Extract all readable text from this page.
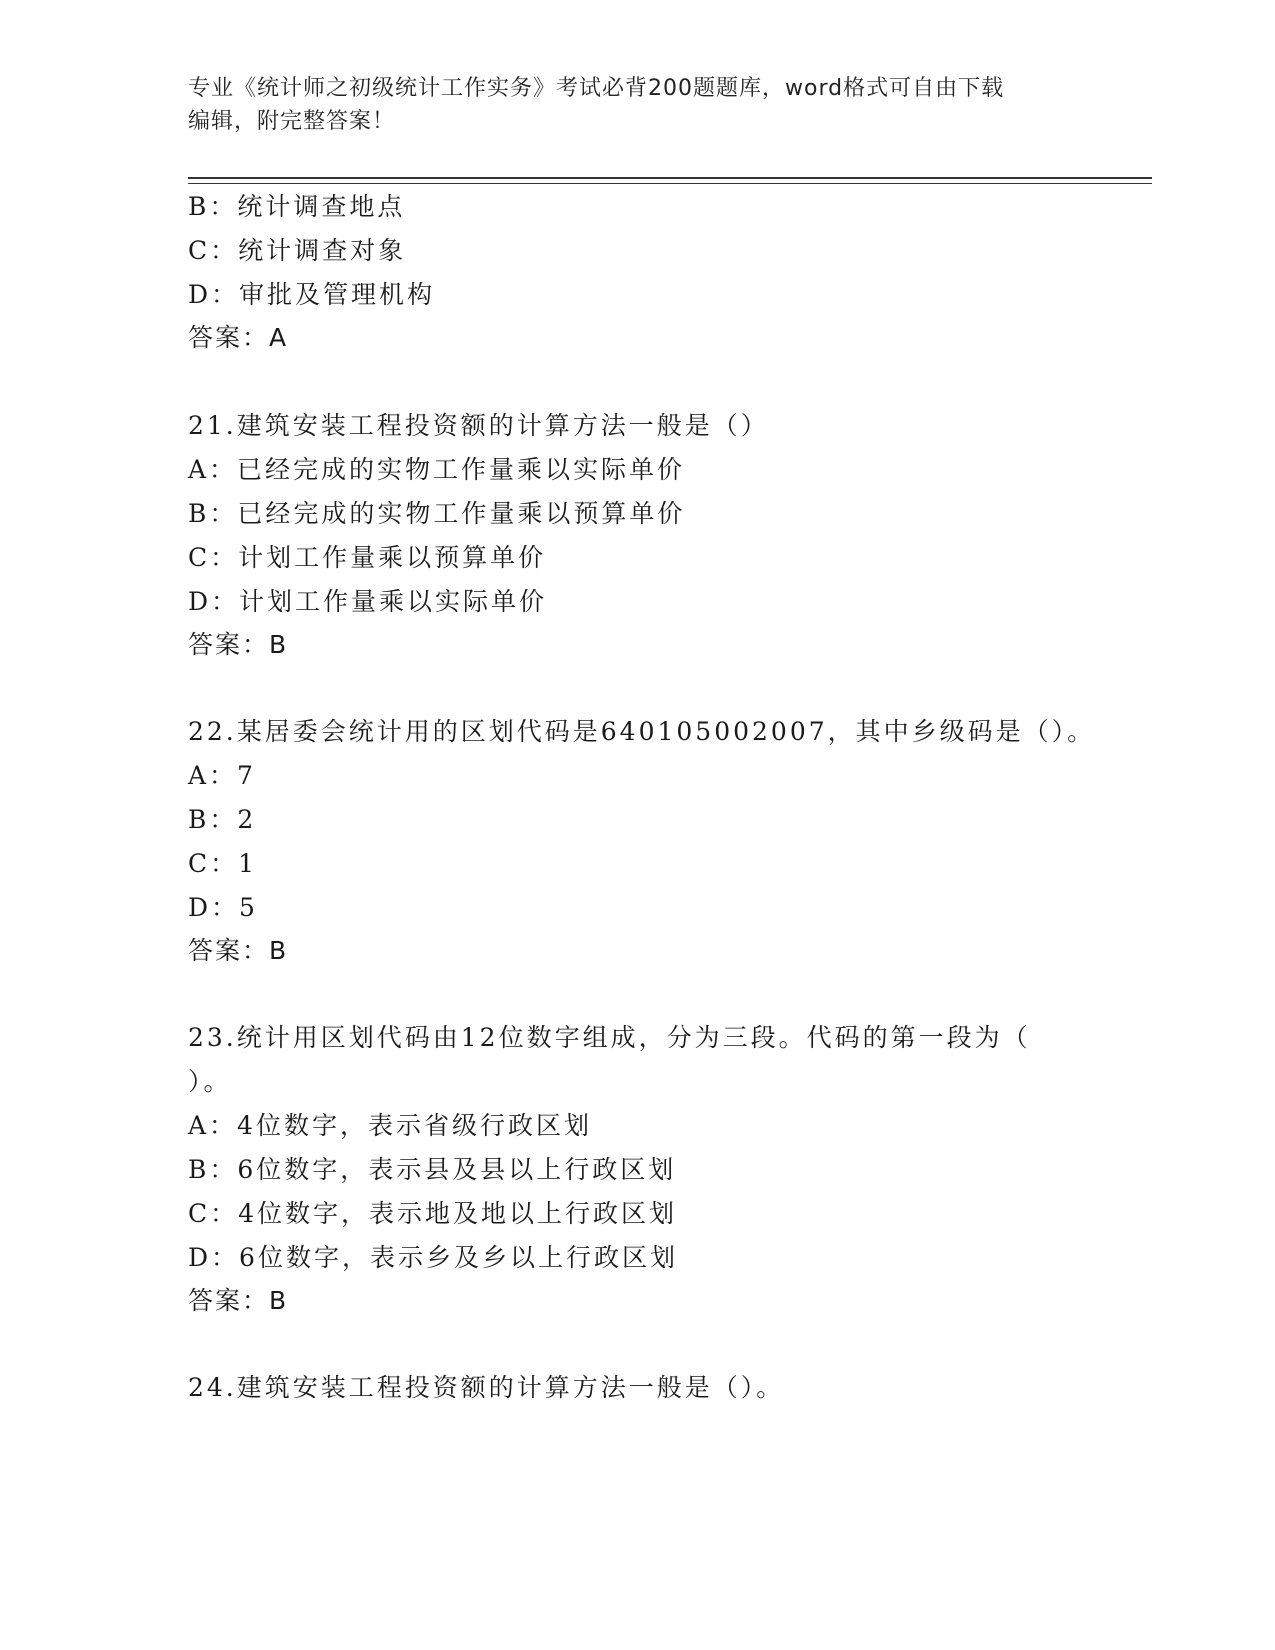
专业《统计师之初级统计工作实务》考试必背200题题库，word格式可自由下载
编辑，附完整答案！
B：统计调查地点
C：统计调查对象
D：审批及管理机构
答案：A
21.建筑安装工程投资额的计算方法一般是（）
A：已经完成的实物工作量乘以实际单价
B：已经完成的实物工作量乘以预算单价
C：计划工作量乘以预算单价
D：计划工作量乘以实际单价
答案：B
22.某居委会统计用的区划代码是640105002007，其中乡级码是（）。
A：7
B：2
C：1
D：5
答案：B
23.统计用区划代码由12位数字组成，分为三段。代码的第一段为（
）。
A：4位数字，表示省级行政区划
B：6位数字，表示县及县以上行政区划
C：4位数字，表示地及地以上行政区划
D：6位数字，表示乡及乡以上行政区划
答案：B
24.建筑安装工程投资额的计算方法一般是（）。
